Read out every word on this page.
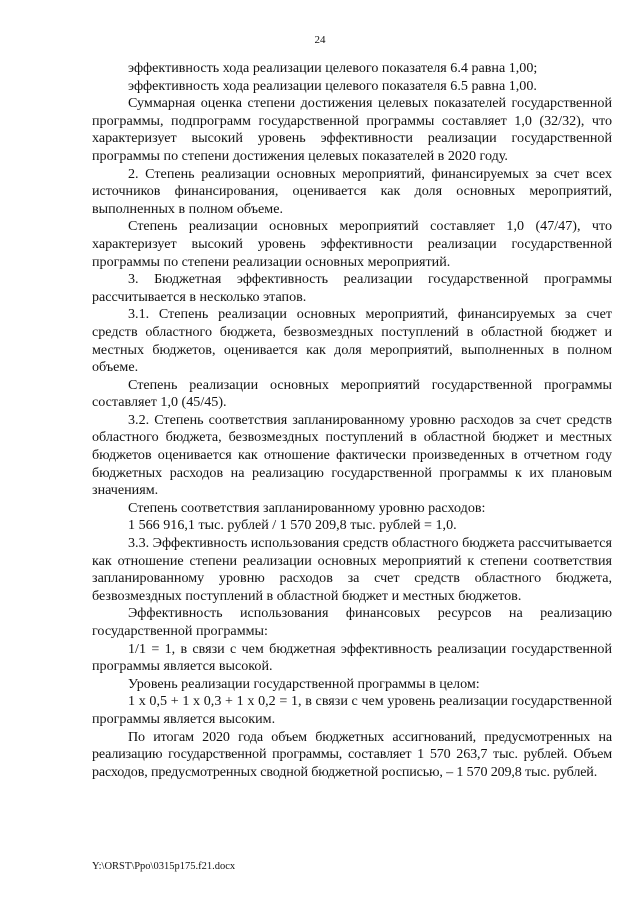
24

эффективность хода реализации целевого показателя 6.4 равна 1,00;

эффективность хода реализации целевого показателя 6.5 равна 1,00.

Суммарная оценка степени достижения целевых показателей государственной программы, подпрограмм государственной программы составляет 1,0 (32/32), что характеризует высокий уровень эффективности реализации государственной программы по степени достижения целевых показателей в 2020 году.

2. Степень реализации основных мероприятий, финансируемых за счет всех источников финансирования, оценивается как доля основных мероприятий, выполненных в полном объеме.

Степень реализации основных мероприятий составляет 1,0 (47/47), что характеризует высокий уровень эффективности реализации государственной программы по степени реализации основных мероприятий.

3. Бюджетная эффективность реализации государственной программы рассчитывается в несколько этапов.

3.1. Степень реализации основных мероприятий, финансируемых за счет средств областного бюджета, безвозмездных поступлений в областной бюджет и местных бюджетов, оценивается как доля мероприятий, выполненных в полном объеме.

Степень реализации основных мероприятий государственной программы составляет 1,0 (45/45).

3.2. Степень соответствия запланированному уровню расходов за счет средств областного бюджета, безвозмездных поступлений в областной бюджет и местных бюджетов оценивается как отношение фактически произведенных в отчетном году бюджетных расходов на реализацию государственной программы к их плановым значениям.

Степень соответствия запланированному уровню расходов:

1 566 916,1 тыс. рублей / 1 570 209,8 тыс. рублей = 1,0.

3.3. Эффективность использования средств областного бюджета рассчитывается как отношение степени реализации основных мероприятий к степени соответствия запланированному уровню расходов за счет средств областного бюджета, безвозмездных поступлений в областной бюджет и местных бюджетов.

Эффективность использования финансовых ресурсов на реализацию государственной программы:

1/1 = 1, в связи с чем бюджетная эффективность реализации государственной программы является высокой.

Уровень реализации государственной программы в целом:

1 x 0,5 + 1 x 0,3 + 1 x 0,2 = 1, в связи с чем уровень реализации государственной программы является высоким.

По итогам 2020 года объем бюджетных ассигнований, предусмотренных на реализацию государственной программы, составляет 1 570 263,7 тыс. рублей. Объем расходов, предусмотренных сводной бюджетной росписью, – 1 570 209,8 тыс. рублей.

Y:\ORST\Ppo\0315p175.f21.docx
